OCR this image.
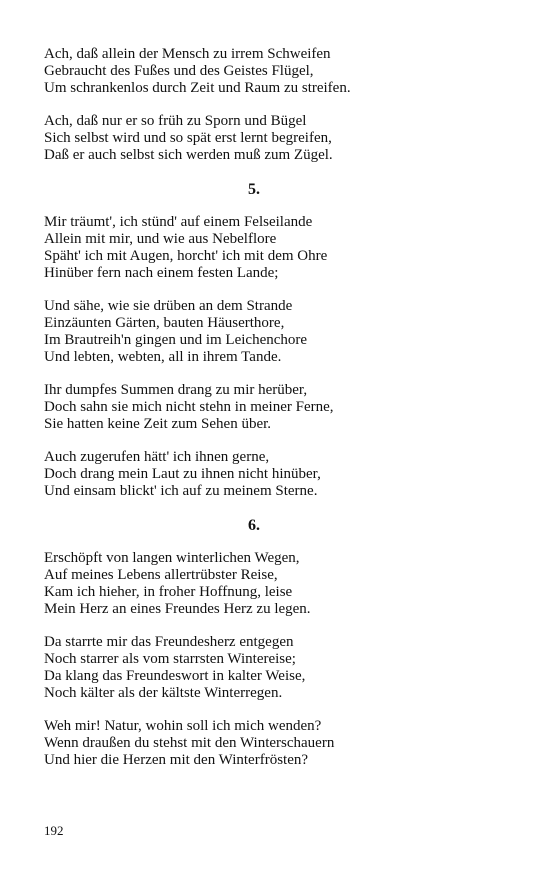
Ach, daß allein der Mensch zu irrem Schweifen
Gebraucht des Fußes und des Geistes Flügel,
Um schrankenlos durch Zeit und Raum zu streifen.
Ach, daß nur er so früh zu Sporn und Bügel
Sich selbst wird und so spät erst lernt begreifen,
Daß er auch selbst sich werden muß zum Zügel.
5.
Mir träumt', ich stünd' auf einem Felseilande
Allein mit mir, und wie aus Nebelflore
Späht' ich mit Augen, horcht' ich mit dem Ohre
Hinüber fern nach einem festen Lande;
Und sähe, wie sie drüben an dem Strande
Einzäunten Gärten, bauten Häuserthore,
Im Brautreih'n gingen und im Leichenchore
Und lebten, webten, all in ihrem Tande.
Ihr dumpfes Summen drang zu mir herüber,
Doch sahn sie mich nicht stehn in meiner Ferne,
Sie hatten keine Zeit zum Sehen über.
Auch zugerufen hätt' ich ihnen gerne,
Doch drang mein Laut zu ihnen nicht hinüber,
Und einsam blickt' ich auf zu meinem Sterne.
6.
Erschöpft von langen winterlichen Wegen,
Auf meines Lebens allertrübster Reise,
Kam ich hieher, in froher Hoffnung, leise
Mein Herz an eines Freundes Herz zu legen.
Da starrte mir das Freundesherz entgegen
Noch starrer als vom starrsten Wintereise;
Da klang das Freundeswort in kalter Weise,
Noch kälter als der kältste Winterregen.
Weh mir! Natur, wohin soll ich mich wenden?
Wenn draußen du stehst mit den Winterschauern
Und hier die Herzen mit den Winterfrösten?
192
